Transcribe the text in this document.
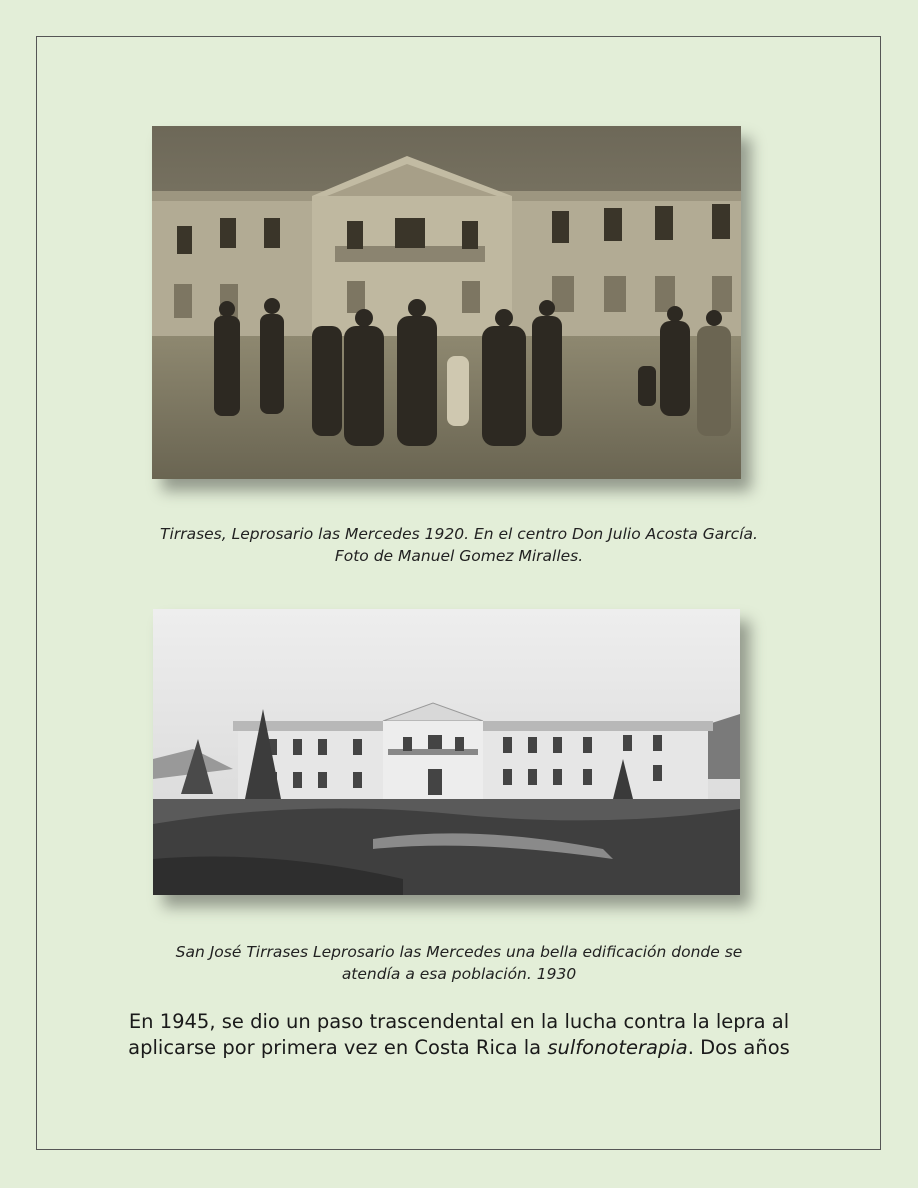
Tirrases, Leprosario las Mercedes 1920. En el centro Don Julio Acosta García.
Foto de Manuel Gomez Miralles.
San José Tirrases Leprosario las Mercedes una bella edificación donde se
atendía a esa población. 1930
En 1945, se dio un paso trascendental en la lucha contra la lepra al
aplicarse por primera vez en Costa Rica la sulfonoterapia. Dos años
